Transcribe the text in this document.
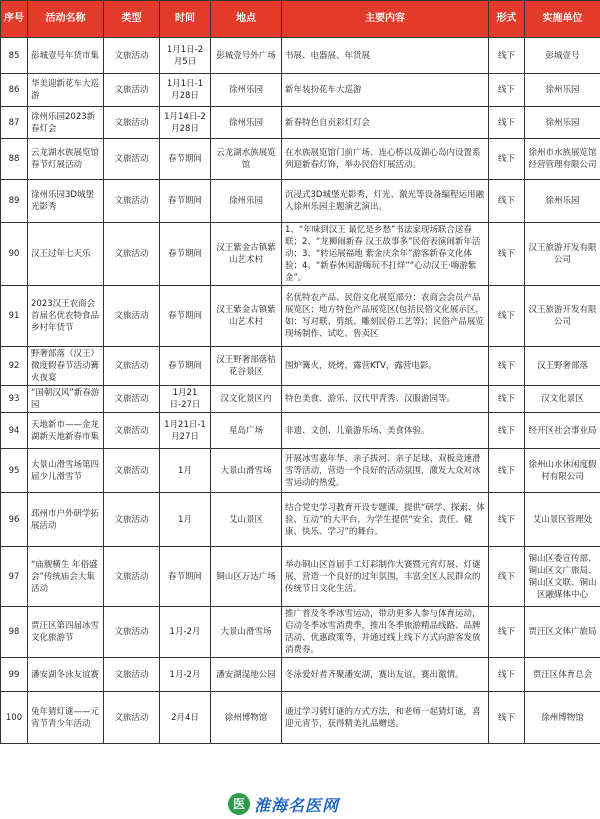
序号	活动名称	类型	时间	地点	主要内容	形式	实施单位
85	彭城壹号年货市集	文旅活动	1月1日-2月5日	彭城壹号外广场	书展、电器展、年货展	线下	彭城壹号
86	华美迎新花车大巡游	文旅活动	1月1日-1月28日	徐州乐园	新年装扮花车大巡游	线下	徐州乐园
87	徐州乐园2023新春灯会	文旅活动	1月14日-2月28日	徐州乐园	新春特色自贡彩灯灯会	线下	徐州乐园
88	云龙湖水族展览馆春节灯展活动	文旅活动	春节期间	云龙湖水族展览馆	在水族展览馆门前广场、连心桥以及湖心岛内设置系列迎新春灯饰，举办民俗灯展活动。	线下	徐州市水族展览馆经营管理有限公司
89	徐州乐园3D城堡光影秀	文旅活动	春节期间	徐州乐园	沉浸式3D城堡光影秀，灯光、激光等设备编程运用融入徐州乐园主题演艺演出。	线下	徐州乐园
90	汉王过年七天乐	文旅活动	春节期间	汉王紫金古镇紫山艺术村	1、“年味到汉王 最忆是乡愁”书法家现场联合送春联；2、“龙狮闹新春 汉王故事多”民俗表演闹新年活动；3、“转运展福地 紫金庆余年”游客新春文化体验；4、“新春休闲游嗨玩不打烊”“心动汉王·嗨游紫金”。	线下	汉王旅游开发有限公司
91	2023汉王农商会首届名优农特食品乡村年货节	文旅活动	春节期间	汉王紫金古镇紫山艺术村	名优特农产品、民俗文化展览部分：农商会会员产品展览区；地方特色产品展览区(包括民俗文化展示区，如：写对联、剪纸、雕刻民俗工艺等)；民俗产品展览现场制作、试吃、售卖区	线下	汉王旅游开发有限公司
92	野奢部落（汉王）微度假春节活动篝火夜宴	文旅活动	春节期间	汉王野奢部落桔花谷景区	围炉篝火，烧烤，露营KTV，露营电影。	线下	汉王野奢部落
93	“国朝汉风”新春游园	文旅活动	1月21日-27日	汉文化景区内	特色美食、游乐、汉代甲青秀、汉服游园等。	线下	汉文化景区
94	天地新市——金龙湖新天地新春市集	文旅活动	1月21日-1月27日	星岛广场	非遗、文创、儿童游乐场、美食体验。	线下	经开区社会事业局
95	大景山滑雪场第四届少儿滑雪节	文旅活动	1月	大景山滑雪场	开展冰雪嘉年华、亲子拔河、亲子足球、双板竞速滑雪等活动，营造一个良好的活动氛围，激发大众对冰雪运动的热爱。	线下	徐州山水休闲度假村有限公司
96	邳州市户外研学拓展活动	文旅活动	1月	艾山景区	结合党史学习教育开设专题课，提供“研学、探索、体验、互动”的大平台，为学生提供“安全、责任、健康、快乐、学习”的舞台。	线下	艾山景区管理处
97	“庙舰横生 年俗盛会”传统庙会大集活动	文旅活动	春节期间	铜山区万达广场	举办铜山区首届手工灯彩制作大赛暨元宵灯展、灯谜展，营造一个良好的过年氛围，丰富全区人民群众的传统节日文化生活。	线下	铜山区委宣传部、铜山区文广旅局、铜山区文联、铜山区融媒体中心
98	贾汪区第四届冰雪文化旅游节	文旅活动	1月-2月	大景山滑雪场	推广普及冬季冰雪运动，带动更多人参与体育运动，启动冬季冰雪消费季，推出冬季旅游精品线路、品牌活动、优惠政策等，并通过线上线下方式向游客发放消费券。	线下	贾汪区文体广旅局
99	潘安湖冬泳友谊赛	文旅活动	1月-2月	潘安湖湿地公园	冬泳爱好者齐聚潘安湖，赛出友谊，赛出激情。	线下	贾汪区体育总会
100	兔年猜灯谜——元宵节青少年活动	文旅活动	2月4日	徐州博物馆	通过学习猜灯谜的方式方法，和老师一起猜灯谜，喜迎元宵节，获得精美礼品赠送。	线下	徐州博物馆
医 淮海名医网
